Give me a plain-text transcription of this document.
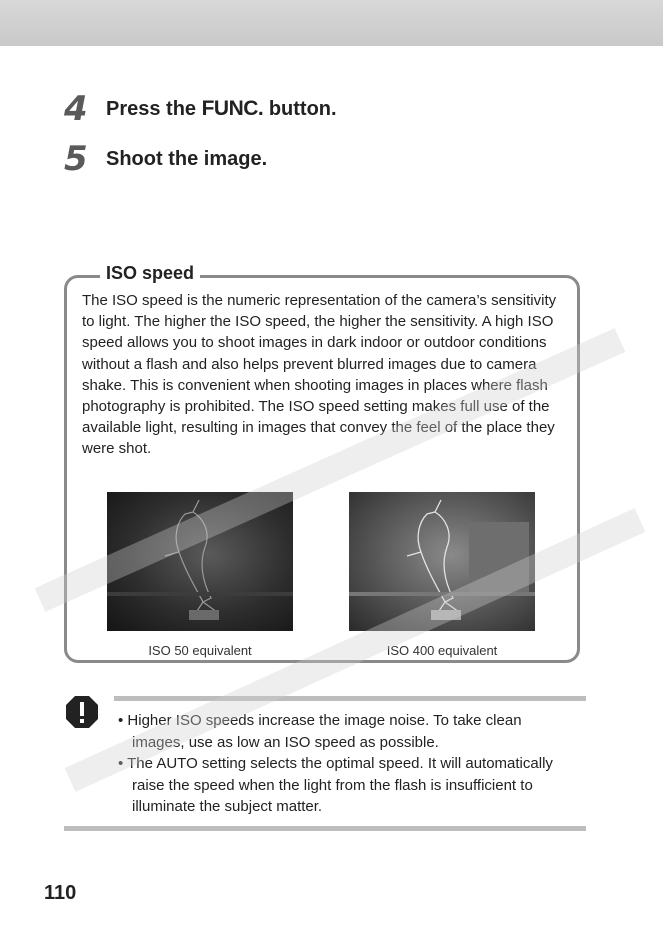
4 Press the FUNC. button.
5 Shoot the image.
ISO speed
The ISO speed is the numeric representation of the camera’s sensitivity to light. The higher the ISO speed, the higher the sensitivity. A high ISO speed allows you to shoot images in dark indoor or outdoor conditions without a flash and also helps prevent blurred images due to camera shake. This is convenient when shooting images in places where flash photography is prohibited. The ISO speed setting makes full use of the available light, resulting in images that convey the feel of the place they were shot.
ISO 50 equivalent	ISO 400 equivalent
• Higher ISO speeds increase the image noise. To take clean images, use as low an ISO speed as possible.
• The AUTO setting selects the optimal speed. It will automatically raise the speed when the light from the flash is insufficient to illuminate the subject matter.
110
